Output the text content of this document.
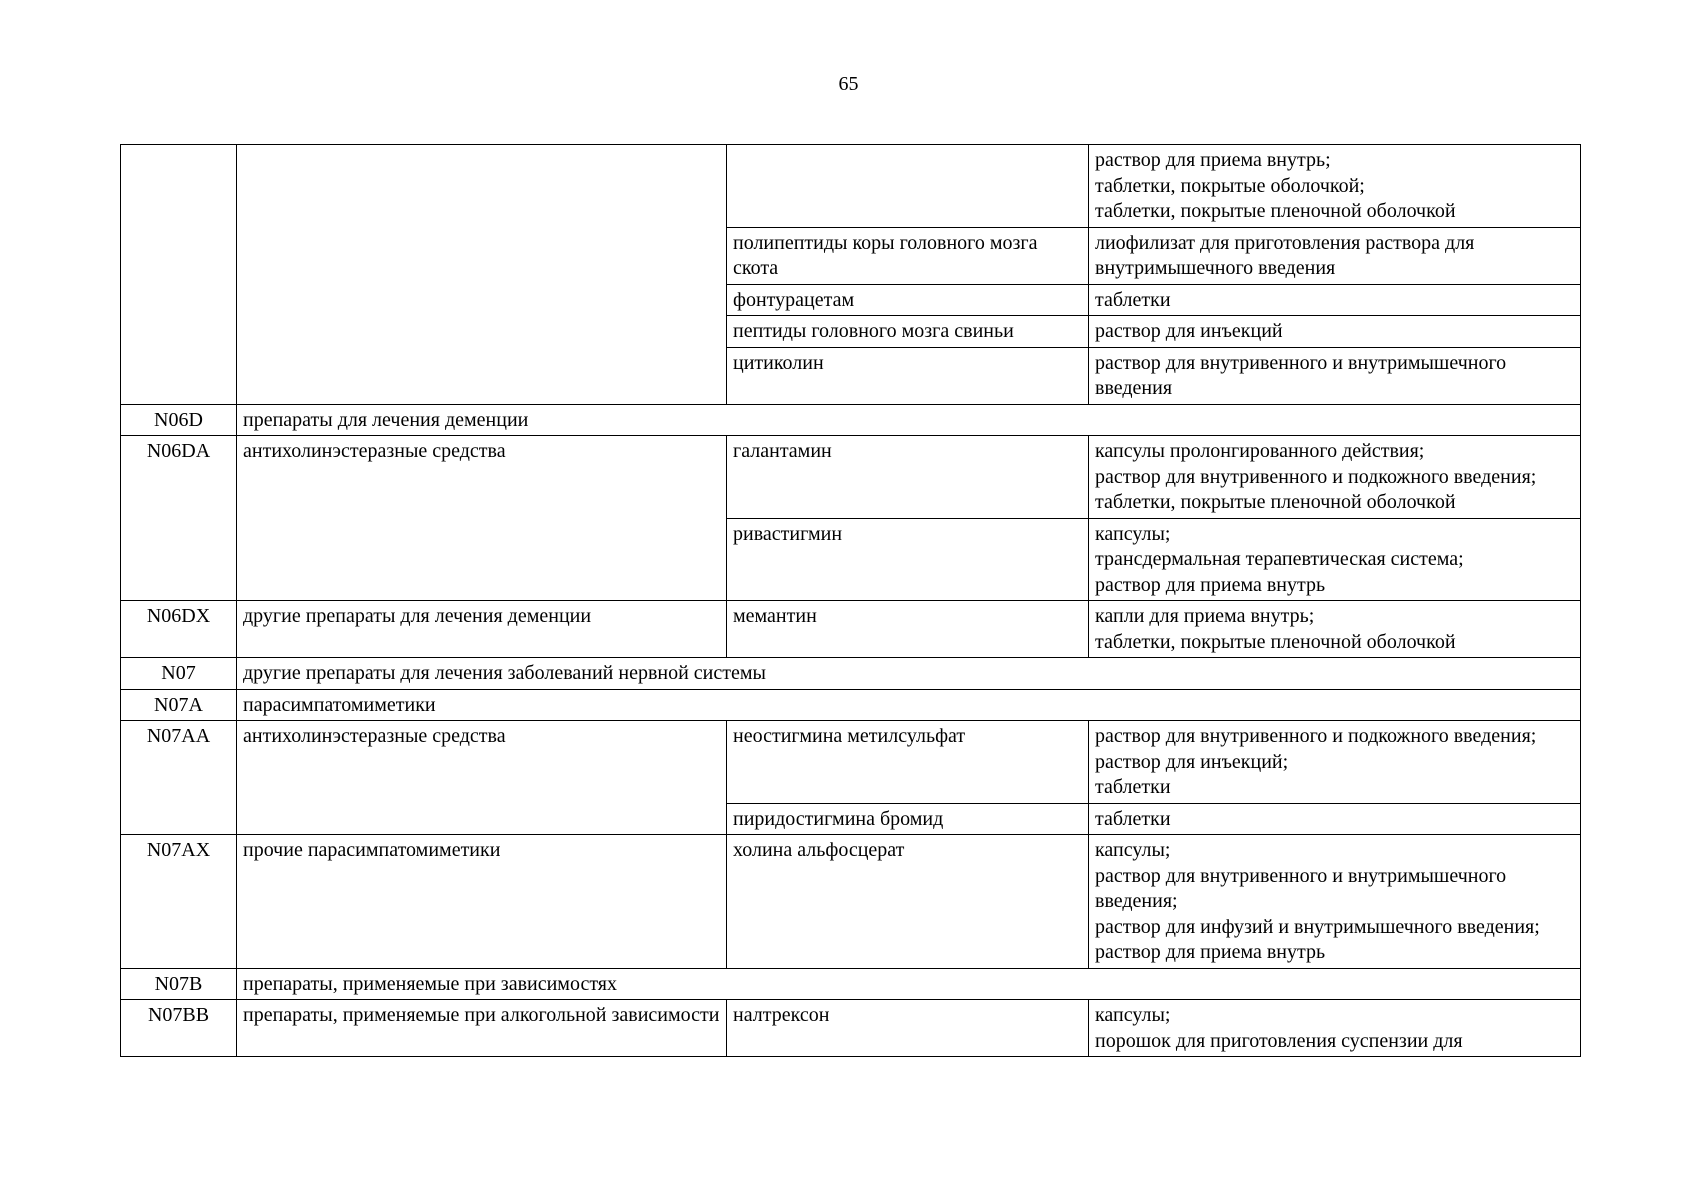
65

			раствор для приема внутрь;
таблетки, покрытые оболочкой;
таблетки, покрытые пленочной оболочкой

		полипептиды коры головного мозга скота	лиофилизат для приготовления раствора для внутримышечного введения

		фонтурацетам	таблетки

		пептиды головного мозга свиньи	раствор для инъекций

		цитиколин	раствор для внутривенного и внутримышечного введения

N06D	препараты для лечения деменции		
N06DA	антихолинэстеразные средства	галантамин	капсулы пролонгированного действия;
раствор для внутривенного и подкожного введения;
таблетки, покрытые пленочной оболочкой

		ривастигмин	капсулы;
трансдермальная терапевтическая система;
раствор для приема внутрь

N06DX	другие препараты для лечения деменции	мемантин	капли для приема внутрь;
таблетки, покрытые пленочной оболочкой

N07	другие препараты для лечения заболеваний нервной системы		
N07A	парасимпатомиметики		
N07AA	антихолинэстеразные средства	неостигмина метилсульфат	раствор для внутривенного и подкожного введения;
раствор для инъекций;
таблетки

		пиридостигмина бромид	таблетки

N07AX	прочие парасимпатомиметики	холина альфосцерат	капсулы;
раствор для внутривенного и внутримышечного введения;
раствор для инфузий и внутримышечного введения;
раствор для приема внутрь

N07B	препараты, применяемые при зависимостях		
N07BB	препараты, применяемые при алкогольной зависимости	налтрексон	капсулы;
порошок для приготовления суспензии для
